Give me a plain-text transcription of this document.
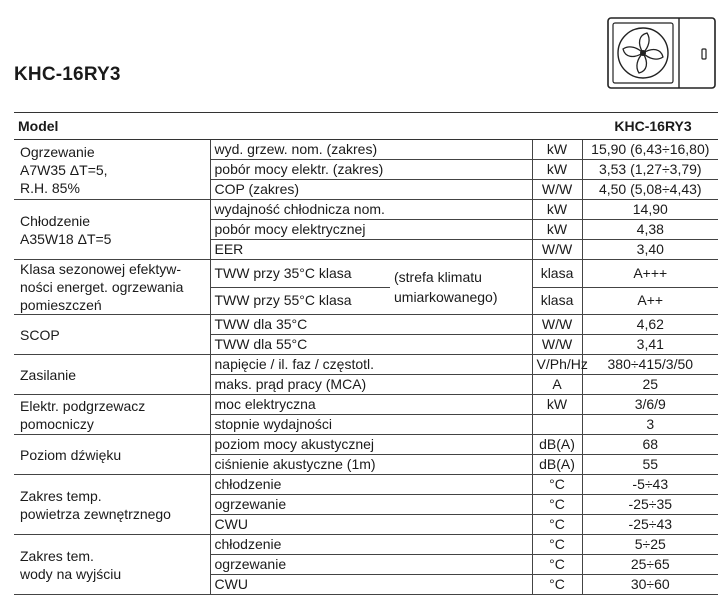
KHC-16RY3
Model			KHC-16RY3	
Ogrzewanie
A7W35 ΔT=5,
R.H. 85%	wyd. grzew. nom. (zakres)		kW	15,90 (6,43÷16,80)
	pobór mocy elektr. (zakres)		kW	3,53 (1,27÷3,79)
	COP (zakres)		W/W	4,50 (5,08÷4,43)
Chłodzenie
A35W18 ΔT=5	wydajność chłodnicza nom.		kW	14,90
	pobór mocy elektrycznej		kW	4,38
	EER		W/W	3,40
Klasa sezonowej efektyw-
ności energet. ogrzewania
pomieszczeń	TWW przy 35°C klasa	(strefa klimatu
umiarkowanego)	klasa	A+++
	TWW przy 55°C klasa		klasa	A++
SCOP	TWW dla 35°C		W/W	4,62
	TWW dla 55°C		W/W	3,41
Zasilanie	napięcie / il. faz / częstotl.		V/Ph/Hz	380÷415/3/50
	maks. prąd pracy (MCA)		A	25
Elektr. podgrzewacz
pomocniczy	moc elektryczna		kW	3/6/9
	stopnie wydajności			3
Poziom dźwięku	poziom mocy akustycznej		dB(A)	68
	ciśnienie akustyczne (1m)		dB(A)	55
Zakres temp.
powietrza zewnętrznego	chłodzenie		°C	-5÷43
	ogrzewanie		°C	-25÷35
	CWU		°C	-25÷43
Zakres tem.
wody na wyjściu	chłodzenie		°C	5÷25
	ogrzewanie		°C	25÷65
	CWU		°C	30÷60
